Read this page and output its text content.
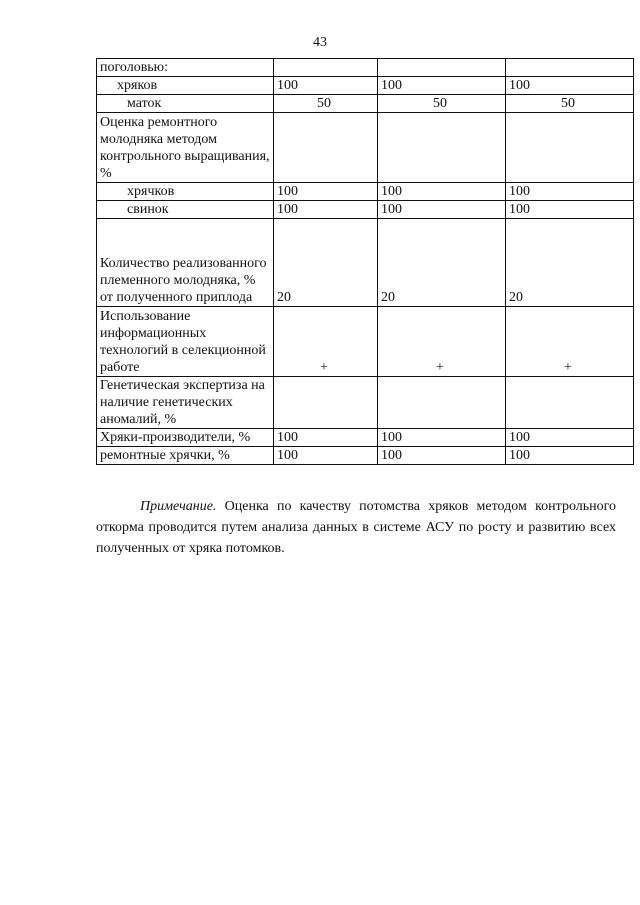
43
поголовью:			
хряков	100	100	100
маток	50	50	50
Оценка ремонтного молодняка методом контрольного выращивания, %			
хрячков	100	100	100
свинок	100	100	100
Количество реализованного племенного молодняка, % от полученного приплода	20	20	20
Использование информационных технологий в селекционной работе	+	+	+
Генетическая экспертиза на наличие генетических аномалий, %			
Хряки-производители, %	100	100	100
ремонтные хрячки, %	100	100	100

Примечание. Оценка по качеству потомства хряков методом контрольного откорма проводится путем анализа данных в системе АСУ по росту и развитию всех полученных от хряка потомков.
